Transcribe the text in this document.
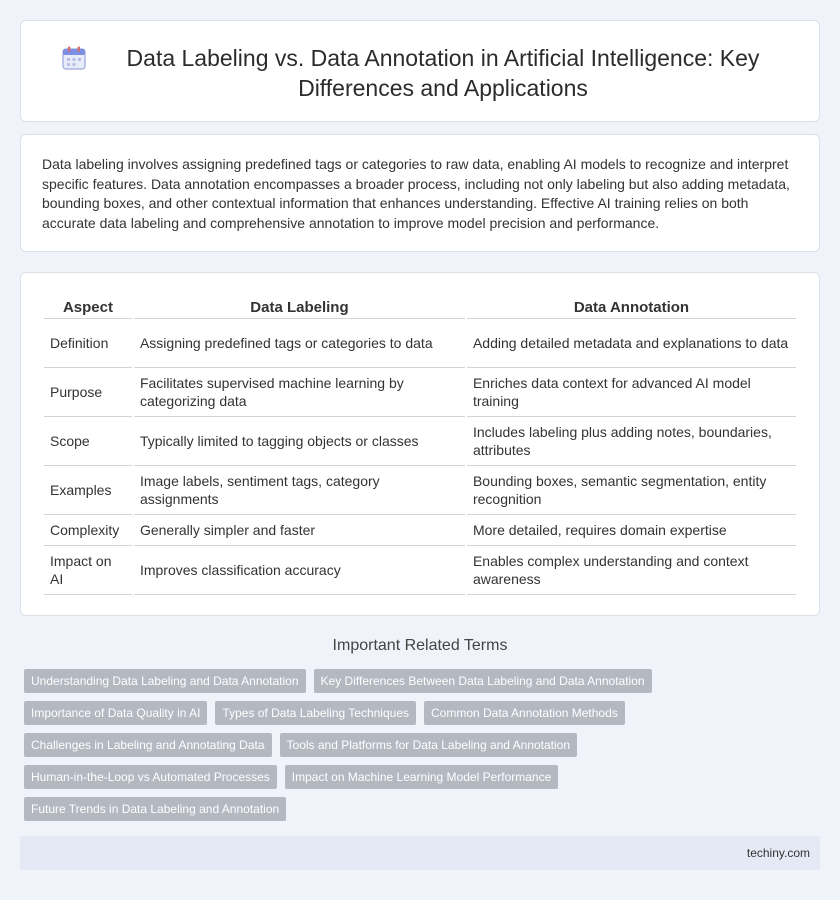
Data Labeling vs. Data Annotation in Artificial Intelligence: Key Differences and Applications

Data labeling involves assigning predefined tags or categories to raw data, enabling AI models to recognize and interpret specific features. Data annotation encompasses a broader process, including not only labeling but also adding metadata, bounding boxes, and other contextual information that enhances understanding. Effective AI training relies on both accurate data labeling and comprehensive annotation to improve model precision and performance.

Aspect	Data Labeling	Data Annotation
Definition	Assigning predefined tags or categories to data	Adding detailed metadata and explanations to data
Purpose	Facilitates supervised machine learning by categorizing data	Enriches data context for advanced AI model training
Scope	Typically limited to tagging objects or classes	Includes labeling plus adding notes, boundaries, attributes
Examples	Image labels, sentiment tags, category assignments	Bounding boxes, semantic segmentation, entity recognition
Complexity	Generally simpler and faster	More detailed, requires domain expertise
Impact on AI	Improves classification accuracy	Enables complex understanding and context awareness
Important Related Terms
Understanding Data Labeling and Data Annotation	Key Differences Between Data Labeling and Data Annotation
Importance of Data Quality in AI	Types of Data Labeling Techniques	Common Data Annotation Methods
Challenges in Labeling and Annotating Data	Tools and Platforms for Data Labeling and Annotation
Human-in-the-Loop vs Automated Processes	Impact on Machine Learning Model Performance
Future Trends in Data Labeling and Annotation
techiny.com
